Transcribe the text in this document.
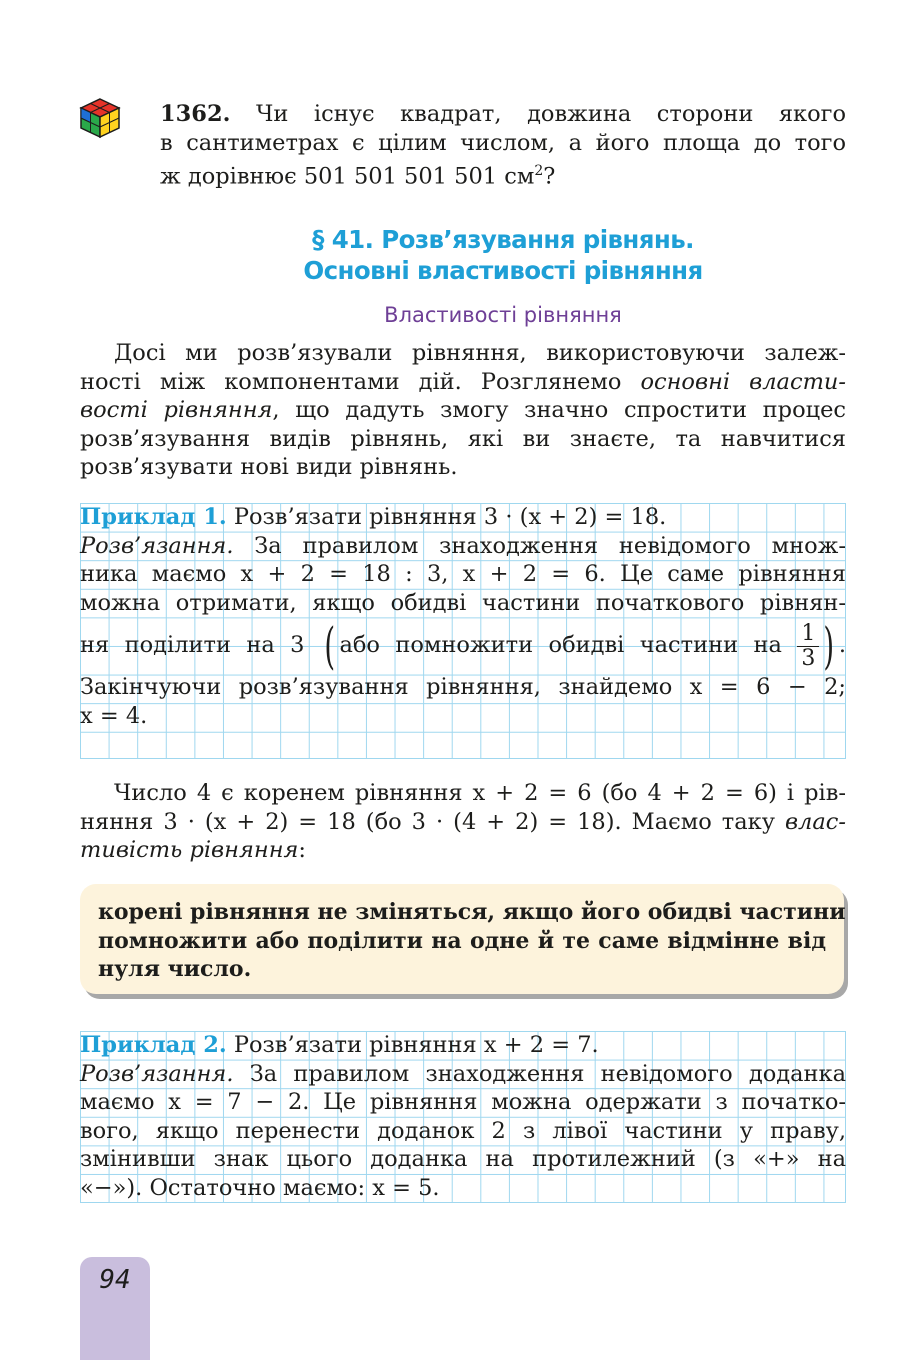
1362. Чи існує квадрат, довжина сторони якого
в сантиметрах є цілим числом, а його площа до того
ж дорівнює 501 501 501 501 $см^2$?
§ 41. Розв’язування рівнянь.
Основні властивості рівняння
Властивості рівняння
Досі ми розв’язували рівняння, використовуючи залеж-
ності між компонентами дій. Розглянемо основні власти-
вості рівняння, що дадуть змогу значно спростити процес
розв’язування видів рівнянь, які ви знаєте, та навчитися
розв’язувати нові види рівнянь.
Приклад 1. Розв’язати рівняння 3 · (x + 2) = 18.
Розв’язання. За правилом знаходження невідомого множ-
ника маємо x + 2 = 18 : 3, x + 2 = 6. Це саме рівняння
можна отримати, якщо обидві частини початкового рівнян-
ня поділити на 3 ( або помножити обидві частини на $\frac{1}{3}$ ) .
Закінчуючи розв’язування рівняння, знайдемо x = 6 − 2;
x = 4.
Число 4 є коренем рівняння x + 2 = 6 (бо 4 + 2 = 6) і рів-
няння 3 · (x + 2) = 18 (бо 3 · (4 + 2) = 18). Маємо таку влас-
тивість рівняння:
корені рівняння не зміняться, якщо його обидві частини
помножити або поділити на одне й те саме відмінне від
нуля число.
Приклад 2. Розв’язати рівняння x + 2 = 7.
Розв’язання. За правилом знаходження невідомого доданка
маємо x = 7 − 2. Це рівняння можна одержати з початко-
вого, якщо перенести доданок 2 з лівої частини у праву,
змінивши знак цього доданка на протилежний (з «+» на
«−»). Остаточно маємо: x = 5.
94
